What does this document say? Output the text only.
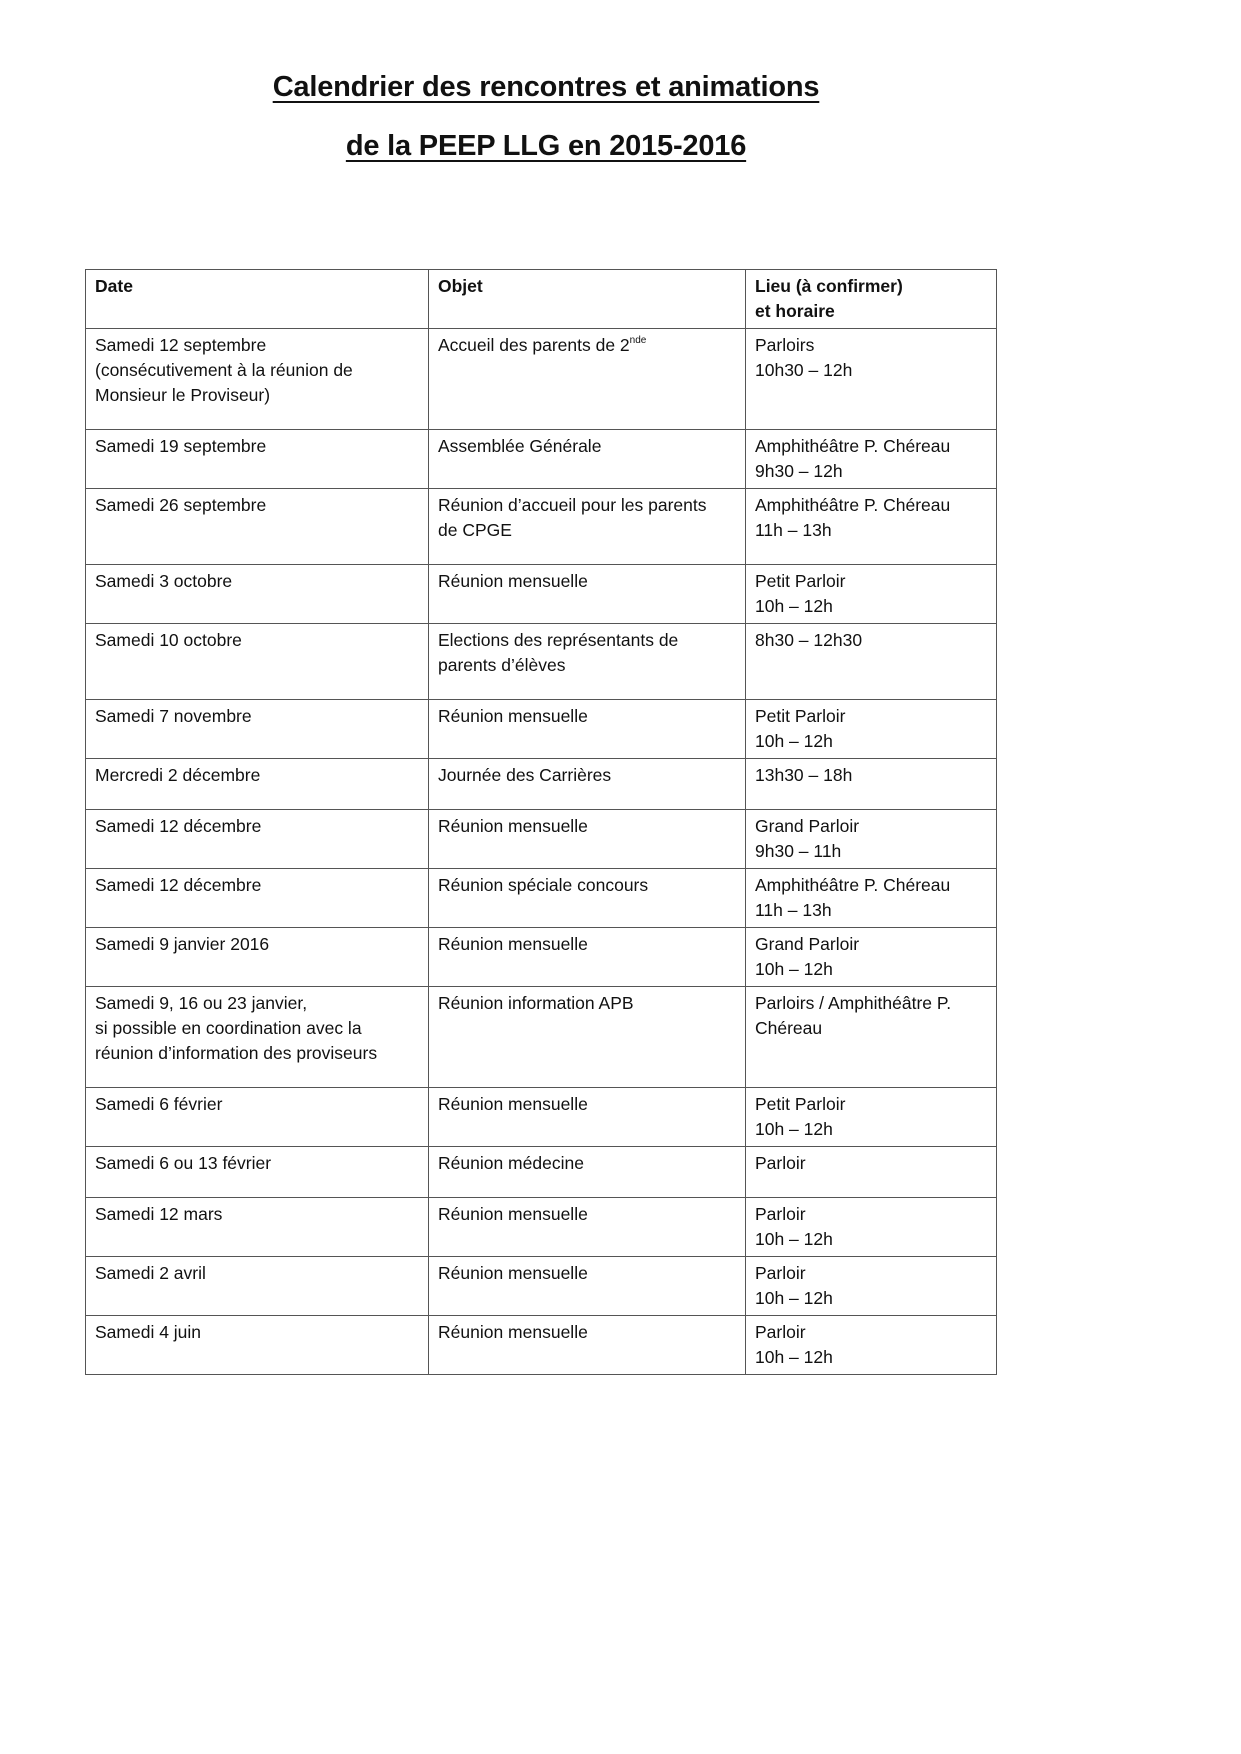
Calendrier des rencontres et animations
de la PEEP LLG en 2015-2016
Date	Objet	Lieu (à confirmer)
et horaire

Samedi 12 septembre
(consécutivement à la réunion de
Monsieur le Proviseur)	Accueil des parents de 2nde	Parloirs
10h30 – 12h

Samedi 19 septembre	Assemblée Générale	Amphithéâtre P. Chéreau
9h30 – 12h

Samedi 26 septembre	Réunion d’accueil pour les parents
de CPGE	Amphithéâtre P. Chéreau
11h – 13h

Samedi 3 octobre	Réunion mensuelle	Petit Parloir
10h – 12h

Samedi 10 octobre	Elections des représentants de
parents d’élèves	8h30 – 12h30

Samedi 7 novembre	Réunion mensuelle	Petit Parloir
10h – 12h

Mercredi 2 décembre	Journée des Carrières	13h30 – 18h

Samedi 12 décembre	Réunion mensuelle	Grand Parloir
9h30 – 11h

Samedi 12 décembre	Réunion spéciale concours	Amphithéâtre P. Chéreau
11h – 13h

Samedi 9 janvier 2016	Réunion mensuelle	Grand Parloir
10h – 12h

Samedi 9, 16 ou 23 janvier,
si possible en coordination avec la
réunion d’information des proviseurs	Réunion information APB	Parloirs / Amphithéâtre P.
Chéreau

Samedi 6 février	Réunion mensuelle	Petit Parloir
10h – 12h

Samedi 6 ou 13 février	Réunion médecine	Parloir

Samedi 12 mars	Réunion mensuelle	Parloir
10h – 12h

Samedi 2 avril	Réunion mensuelle	Parloir
10h – 12h

Samedi 4 juin	Réunion mensuelle	Parloir
10h – 12h
